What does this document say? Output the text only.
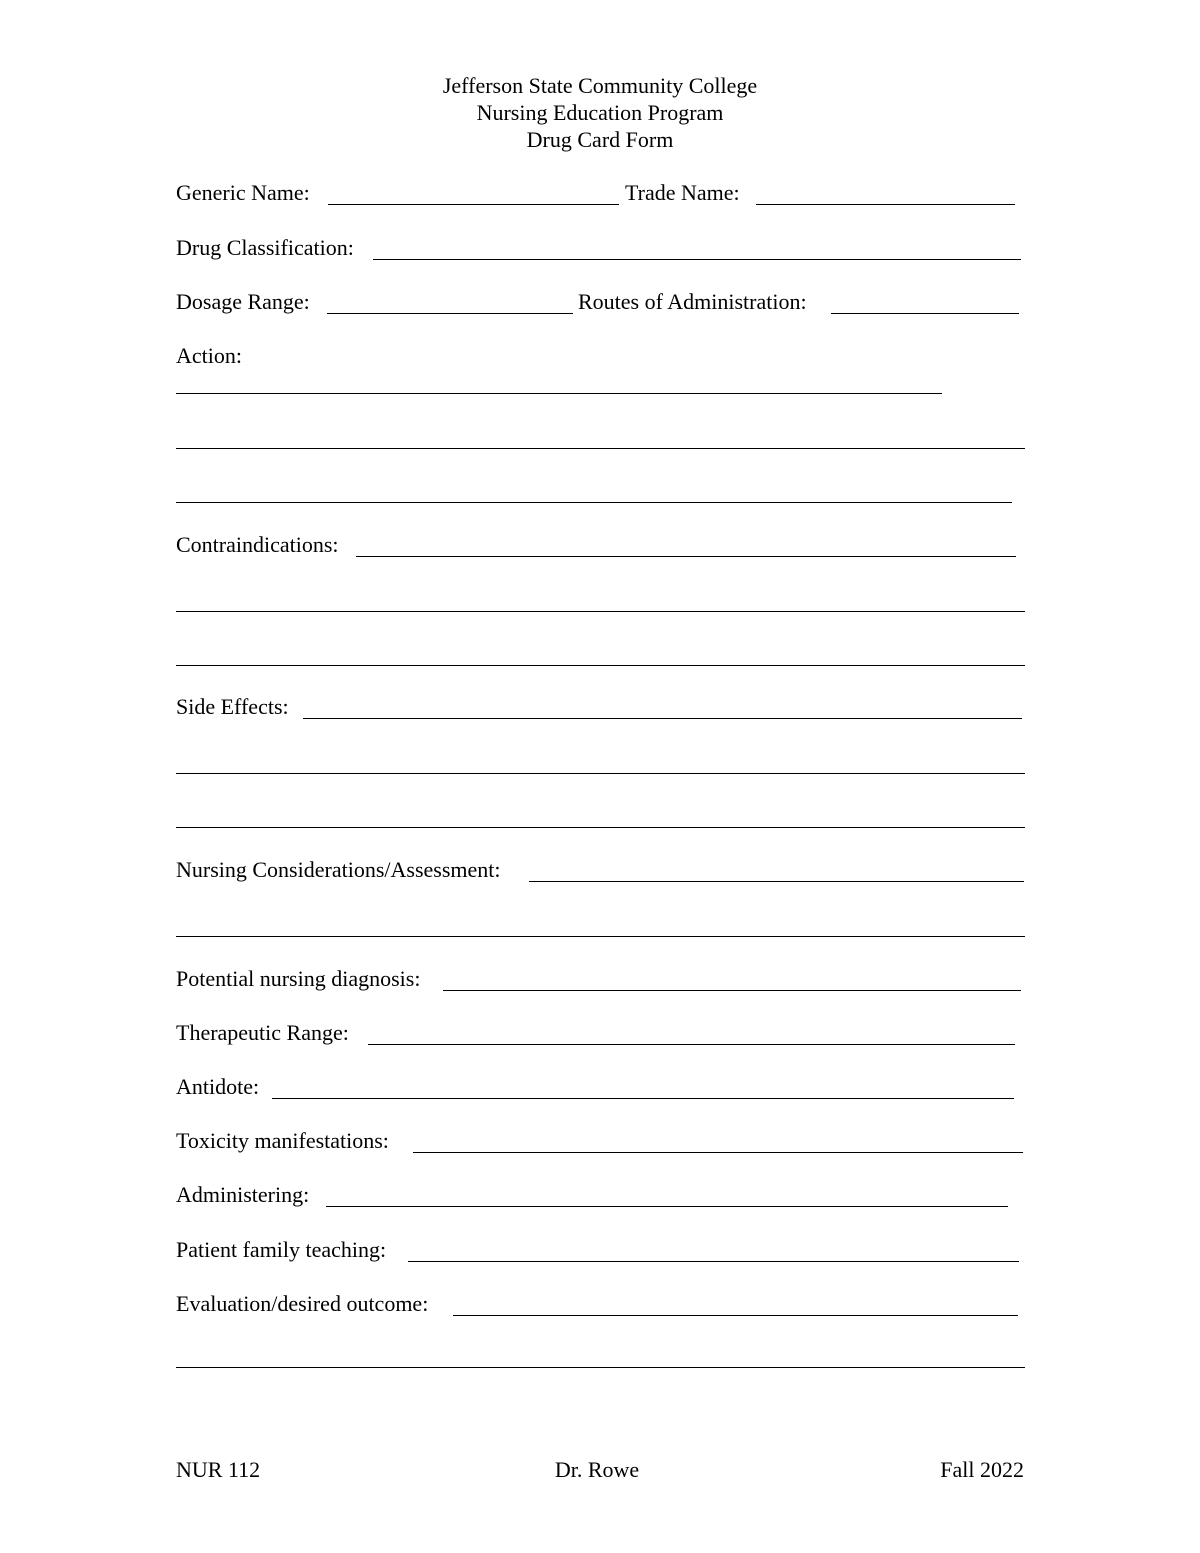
Jefferson State Community College
Nursing Education Program
Drug Card Form
Generic Name:	Trade Name:
Drug Classification:
Dosage Range:	Routes of Administration:
Action:
Contraindications:
Side Effects:
Nursing Considerations/Assessment:
Potential nursing diagnosis:
Therapeutic Range:
Antidote:
Toxicity manifestations:
Administering:
Patient family teaching:
Evaluation/desired outcome:
NUR 112	Dr. Rowe	Fall 2022
